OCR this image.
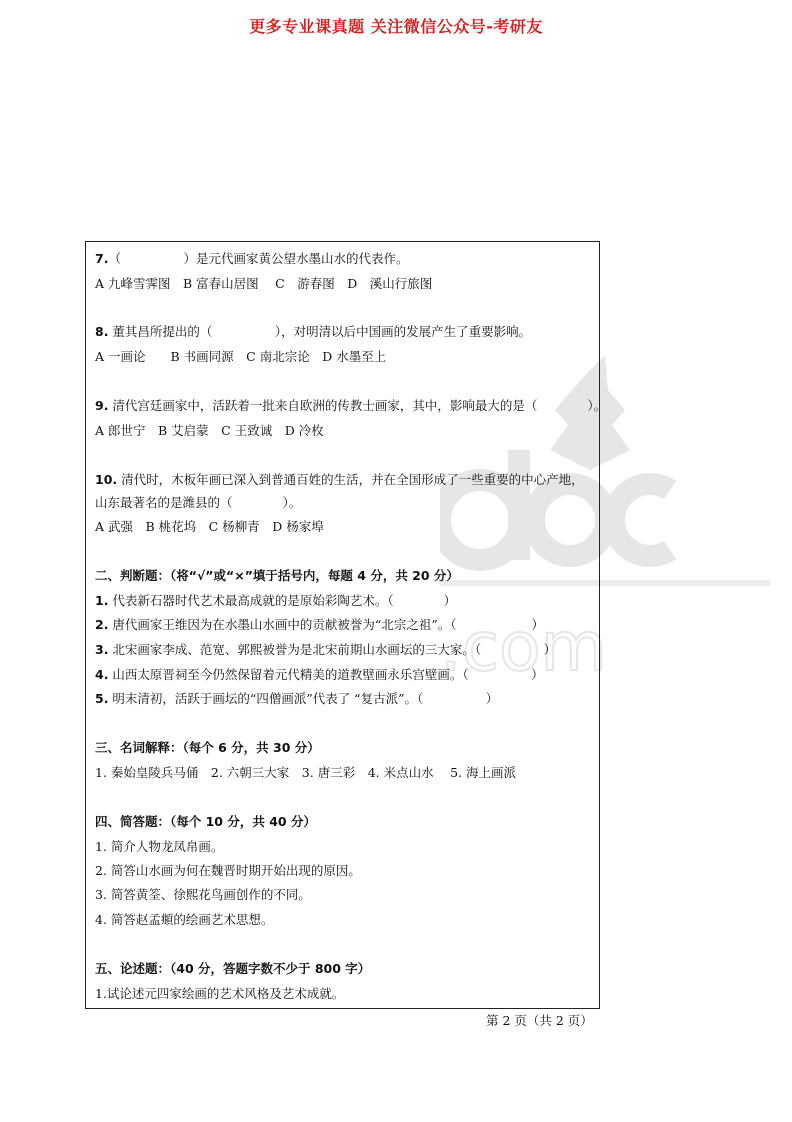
更多专业课真题 关注微信公众号-考研友
.com
7.（　　　　　）是元代画家黄公望水墨山水的代表作。
A 九峰雪霁图　B 富春山居图　 C　游春图　D　溪山行旅图
8. 董其昌所提出的（　　　　　），对明清以后中国画的发展产生了重要影响。
A 一画论　　B 书画同源　C 南北宗论　D 水墨至上
9. 清代宫廷画家中，活跃着一批来自欧洲的传教士画家，其中，影响最大的是（　　　　）。
A 郎世宁　B 艾启蒙　C 王致诚　D 冷枚
10. 清代时，木板年画已深入到普通百姓的生活，并在全国形成了一些重要的中心产地，
山东最著名的是潍县的（　　　　）。
A 武强　B 桃花坞　C 杨柳青　D 杨家埠
二、判断题：（将“√”或“×”填于括号内，每题 4 分，共 20 分）
1. 代表新石器时代艺术最高成就的是原始彩陶艺术。（　　　　）
2. 唐代画家王维因为在水墨山水画中的贡献被誉为“北宗之祖”。（　　　　　　）
3. 北宋画家李成、范宽、郭熙被誉为是北宋前期山水画坛的三大家。（　　　　　）
4. 山西太原晋祠至今仍然保留着元代精美的道教壁画永乐宫壁画。（　　　　　）
5. 明末清初，活跃于画坛的“四僧画派”代表了 “复古派”。（　　　　　）
三、名词解释：（每个 6 分，共 30 分）
1. 秦始皇陵兵马俑　2. 六朝三大家　3. 唐三彩　4. 米点山水　 5. 海上画派
四、简答题：（每个 10 分，共 40 分）
1. 简介人物龙凤帛画。
2. 简答山水画为何在魏晋时期开始出现的原因。
3. 简答黄筌、徐熙花鸟画创作的不同。
4. 简答赵孟頫的绘画艺术思想。
五、论述题：（40 分，答题字数不少于 800 字）
1.试论述元四家绘画的艺术风格及艺术成就。
第 2 页（共 2 页）
